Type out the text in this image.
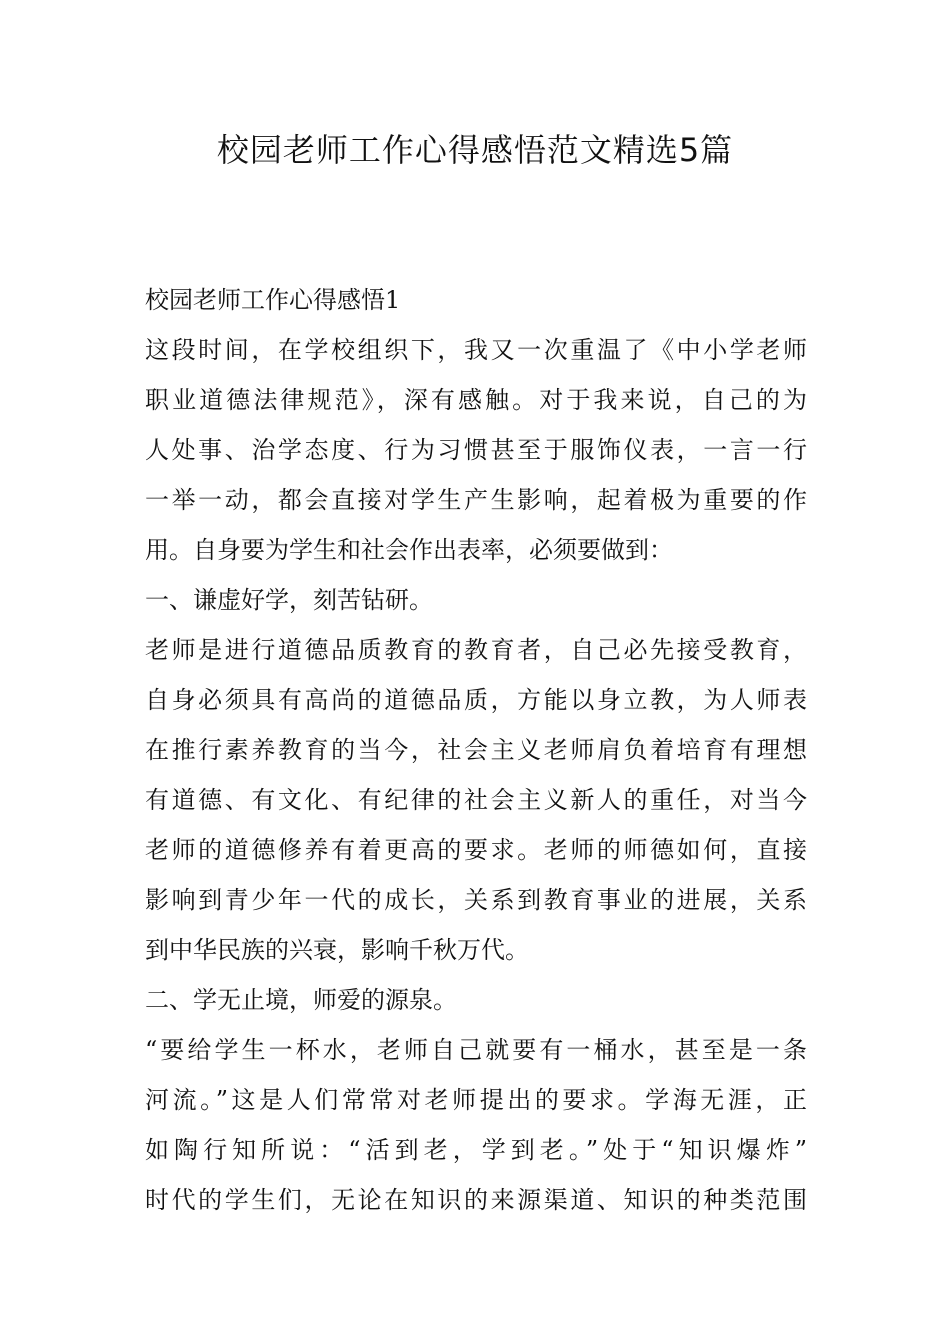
校园老师工作心得感悟范文精选5篇
校园老师工作心得感悟1
这段时间，在学校组织下，我又一次重温了《中小学老师
职业道德法律规范》，深有感触。对于我来说，自己的为
人处事、治学态度、行为习惯甚至于服饰仪表，一言一行
一举一动，都会直接对学生产生影响，起着极为重要的作
用。自身要为学生和社会作出表率，必须要做到：
一、谦虚好学，刻苦钻研。
老师是进行道德品质教育的教育者，自己必先接受教育，
自身必须具有高尚的道德品质，方能以身立教，为人师表
在推行素养教育的当今，社会主义老师肩负着培育有理想
有道德、有文化、有纪律的社会主义新人的重任，对当今
老师的道德修养有着更高的要求。老师的师德如何，直接
影响到青少年一代的成长，关系到教育事业的进展，关系
到中华民族的兴衰，影响千秋万代。
二、学无止境，师爱的源泉。
“要给学生一杯水，老师自己就要有一桶水，甚至是一条
河流。”这是人们常常对老师提出的要求。学海无涯，正
如陶行知所说：“活到老，学到老。”处于“知识爆炸”
时代的学生们，无论在知识的来源渠道、知识的种类范围
